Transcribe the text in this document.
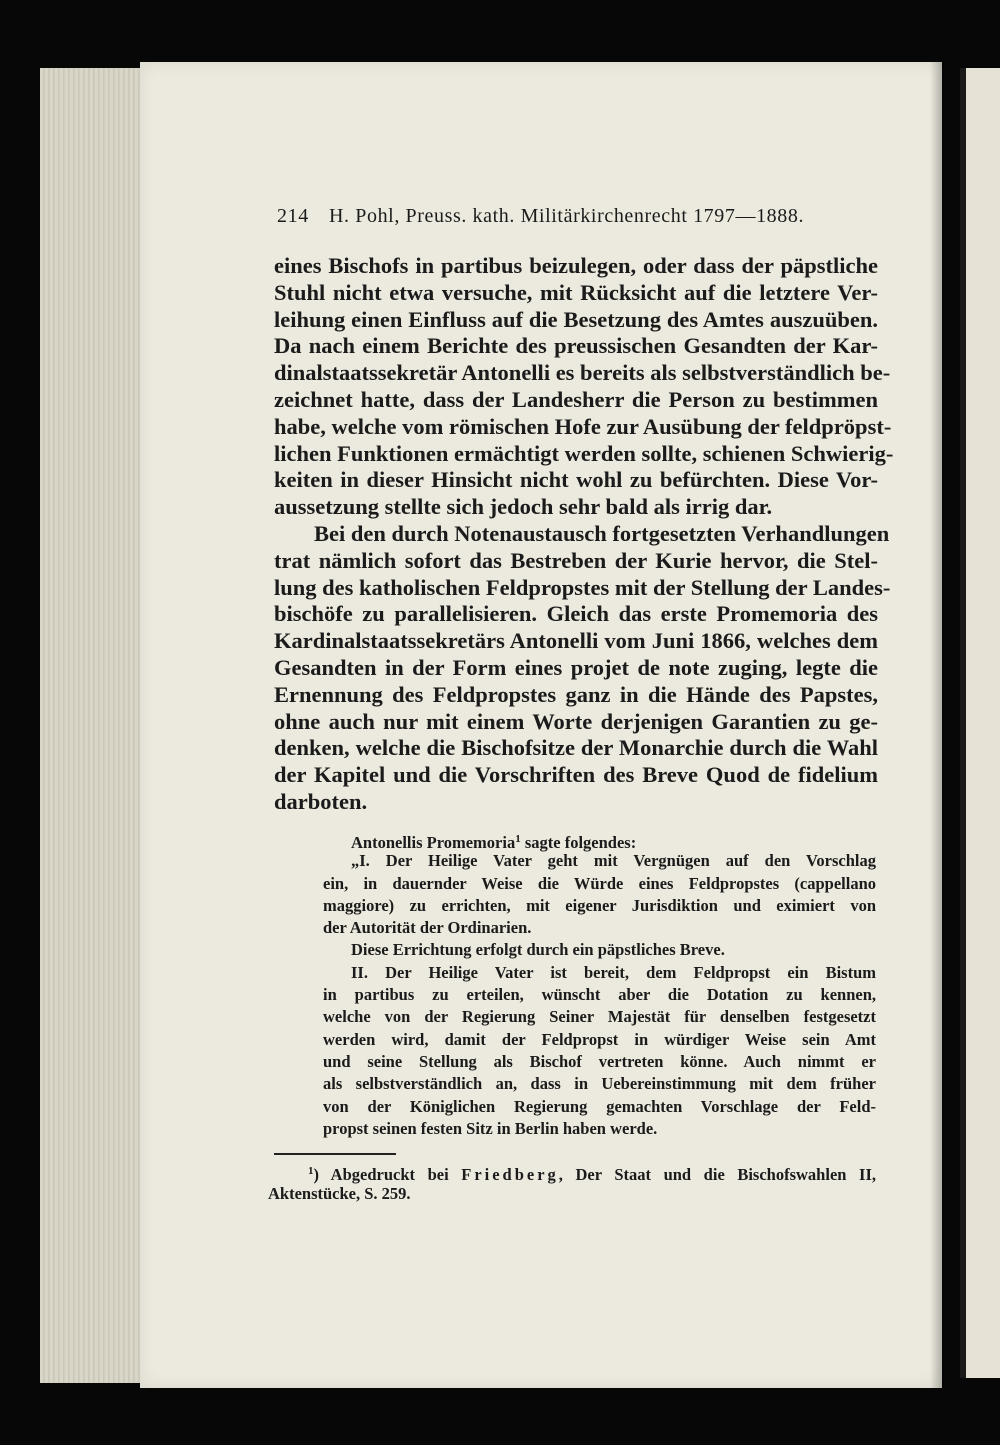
214 H. Pohl, Preuss. kath. Militärkirchenrecht 1797—1888.
eines Bischofs in partibus beizulegen, oder dass der päpstliche
Stuhl nicht etwa versuche, mit Rücksicht auf die letztere Ver-
leihung einen Einfluss auf die Besetzung des Amtes auszuüben.
Da nach einem Berichte des preussischen Gesandten der Kar-
dinalstaatssekretär Antonelli es bereits als selbstverständlich be-
zeichnet hatte, dass der Landesherr die Person zu bestimmen
habe, welche vom römischen Hofe zur Ausübung der feldpröpst-
lichen Funktionen ermächtigt werden sollte, schienen Schwierig-
keiten in dieser Hinsicht nicht wohl zu befürchten. Diese Vor-
aussetzung stellte sich jedoch sehr bald als irrig dar.
Bei den durch Notenaustausch fortgesetzten Verhandlungen
trat nämlich sofort das Bestreben der Kurie hervor, die Stel-
lung des katholischen Feldpropstes mit der Stellung der Landes-
bischöfe zu parallelisieren. Gleich das erste Promemoria des
Kardinalstaatssekretärs Antonelli vom Juni 1866, welches dem
Gesandten in der Form eines projet de note zuging, legte die
Ernennung des Feldpropstes ganz in die Hände des Papstes,
ohne auch nur mit einem Worte derjenigen Garantien zu ge-
denken, welche die Bischofsitze der Monarchie durch die Wahl
der Kapitel und die Vorschriften des Breve Quod de fidelium
darboten.
Antonellis Promemoria$^1$ sagte folgendes:
„I. Der Heilige Vater geht mit Vergnügen auf den Vorschlag
ein, in dauernder Weise die Würde eines Feldpropstes (cappellano
maggiore) zu errichten, mit eigener Jurisdiktion und eximiert von
der Autorität der Ordinarien.
Diese Errichtung erfolgt durch ein päpstliches Breve.
II. Der Heilige Vater ist bereit, dem Feldpropst ein Bistum
in partibus zu erteilen, wünscht aber die Dotation zu kennen,
welche von der Regierung Seiner Majestät für denselben festgesetzt
werden wird, damit der Feldpropst in würdiger Weise sein Amt
und seine Stellung als Bischof vertreten könne. Auch nimmt er
als selbstverständlich an, dass in Uebereinstimmung mit dem früher
von der Königlichen Regierung gemachten Vorschlage der Feld-
propst seinen festen Sitz in Berlin haben werde.
$^1$) Abgedruckt bei Friedberg, Der Staat und die Bischofswahlen II,
Aktenstücke, S. 259.
